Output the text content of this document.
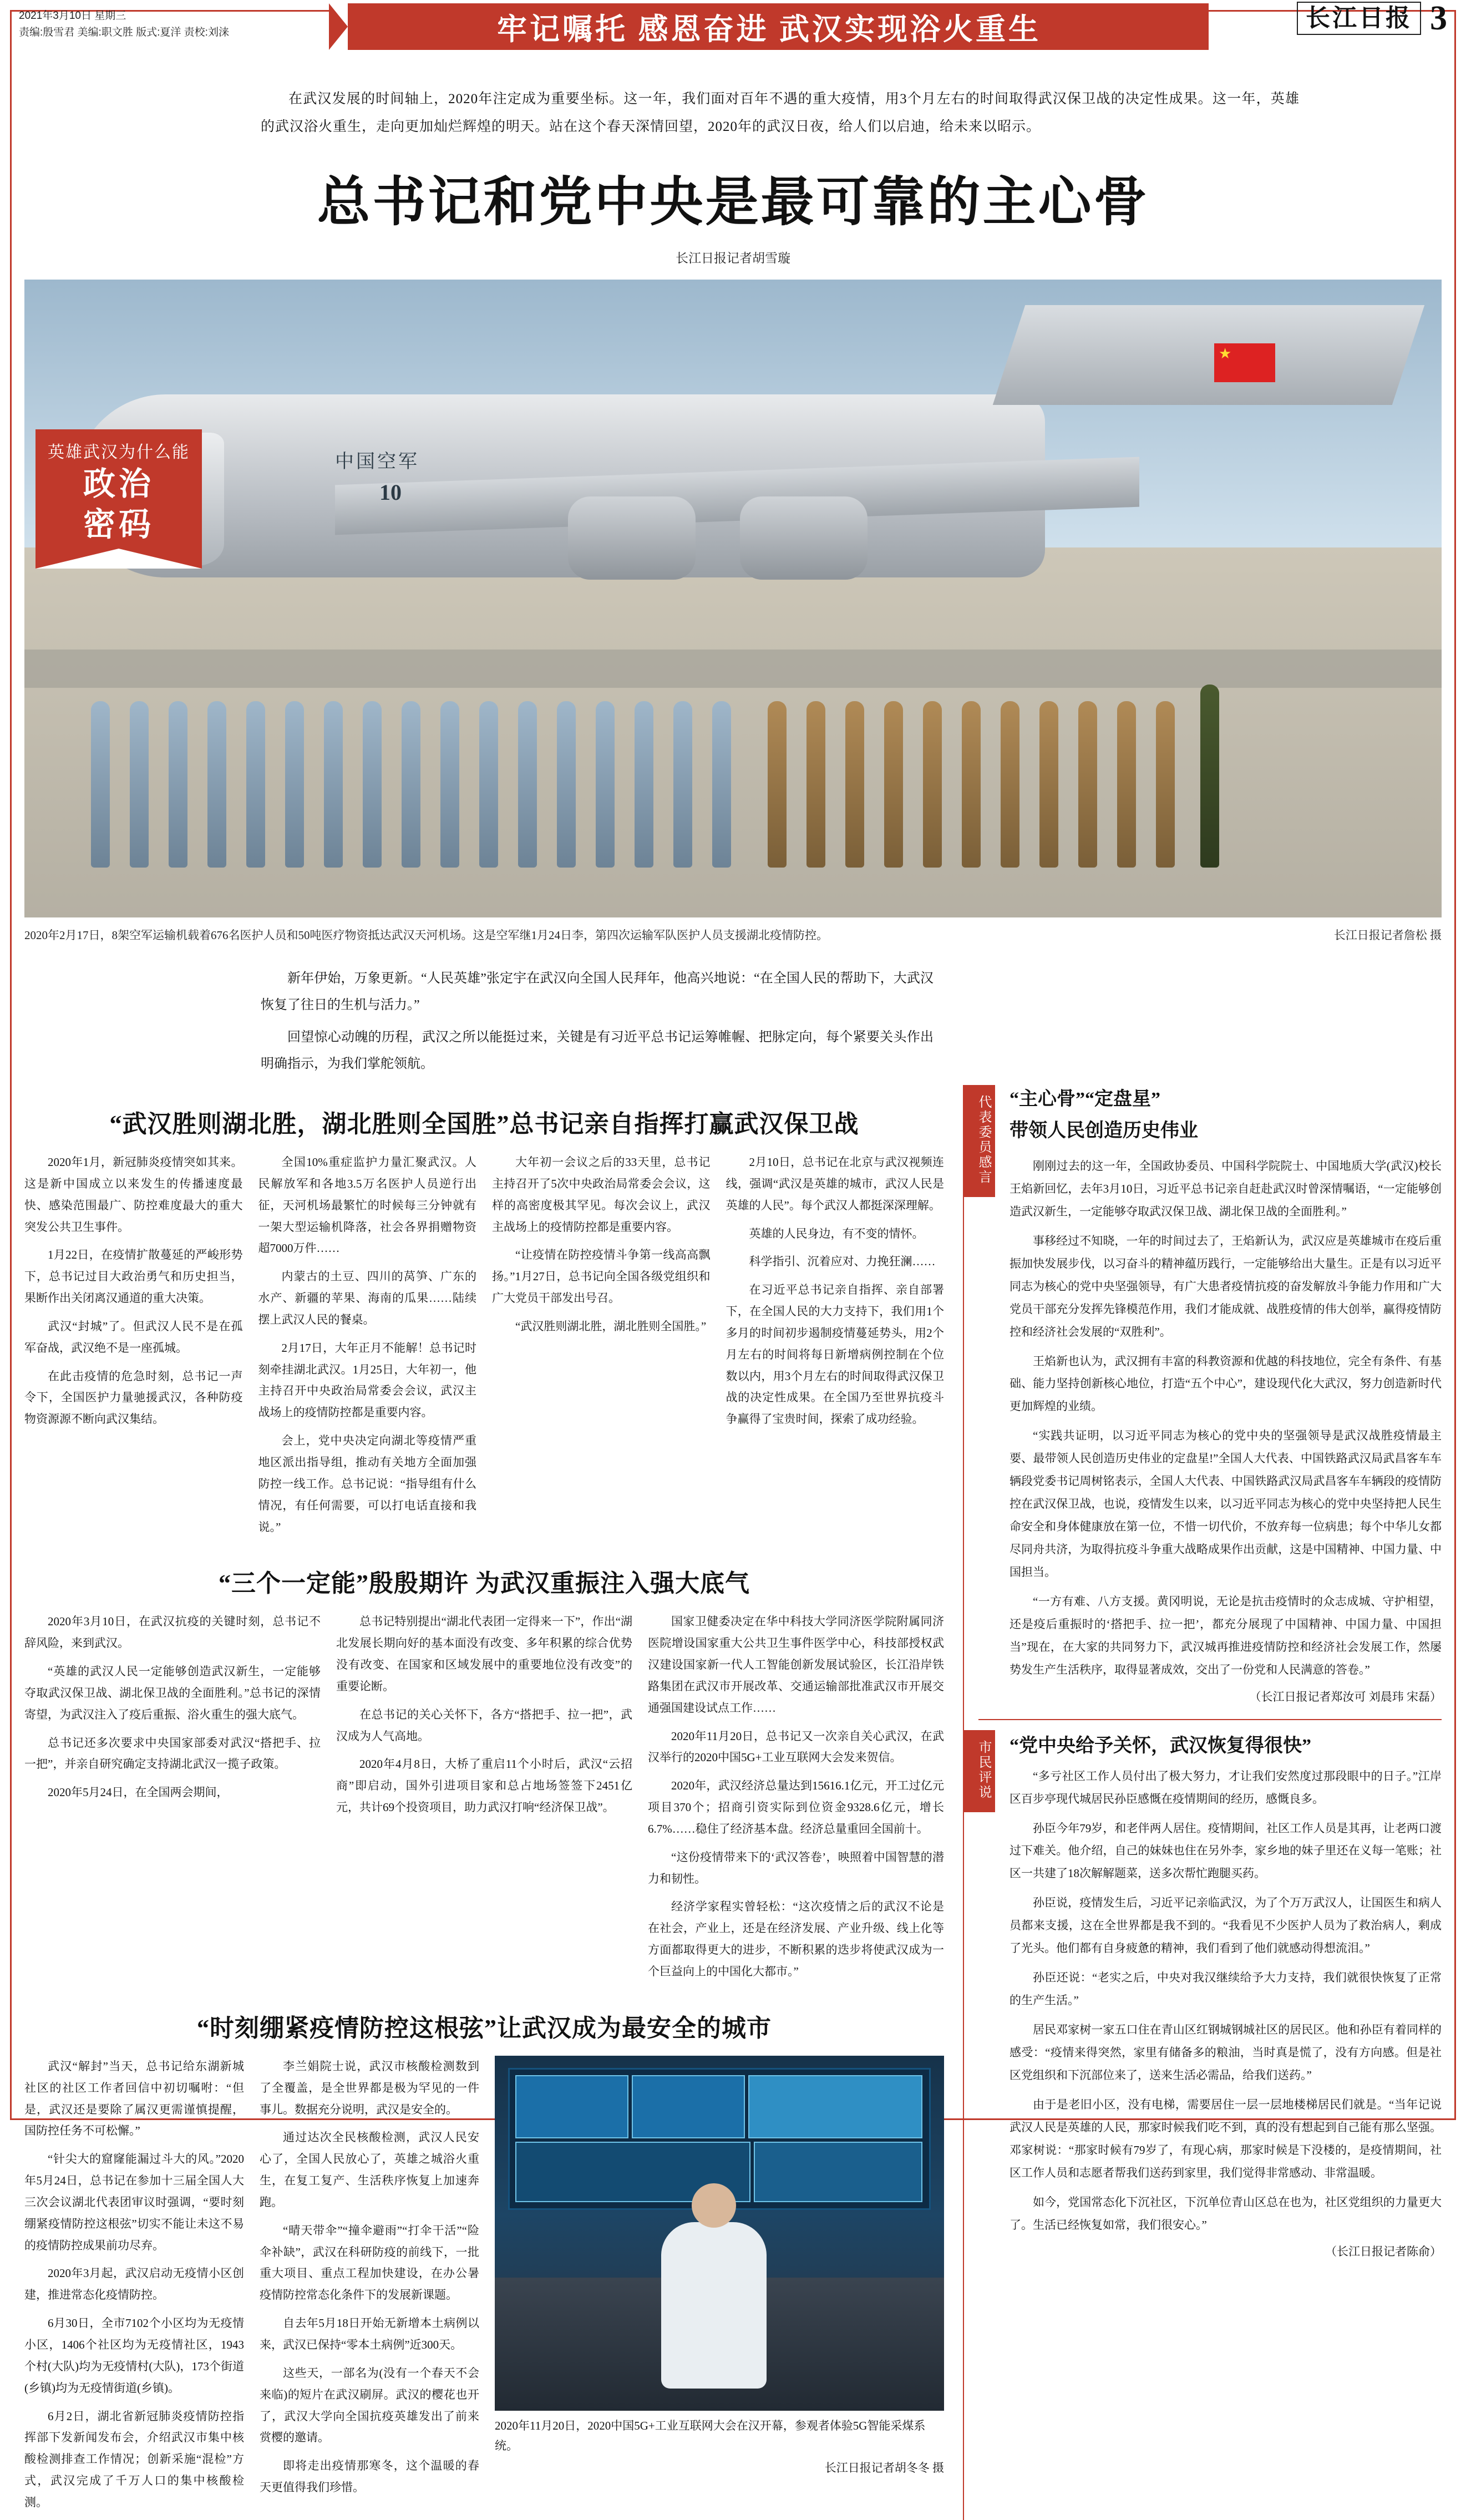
2021年3月10日 星期三
责编:殷雪君 美编:职文胜 版式:夏洋 责校:刘涞	牢记嘱托 感恩奋进 武汉实现浴火重生	长江日报 3
在武汉发展的时间轴上，2020年注定成为重要坐标。这一年，我们面对百年不遇的重大疫情，用3个月左右的时间取得武汉保卫战的决定性成果。这一年，英雄的武汉浴火重生，走向更加灿烂辉煌的明天。站在这个春天深情回望，2020年的武汉日夜，给人们以启迪，给未来以昭示。
总书记和党中央是最可靠的主心骨
长江日报记者胡雪璇
★
中国空军
10
英雄武汉为什么能
政治
密码
2020年2月17日，8架空军运输机载着676名医护人员和50吨医疗物资抵达武汉天河机场。这是空军继1月24日李，第四次运输军队医护人员支援湖北疫情防控。	长江日报记者詹松 摄

新年伊始，万象更新。“人民英雄”张定宇在武汉向全国人民拜年，他高兴地说：“在全国人民的帮助下，大武汉恢复了往日的生机与活力。”

回望惊心动魄的历程，武汉之所以能挺过来，关键是有习近平总书记运筹帷幄、把脉定向，每个紧要关头作出明确指示，为我们掌舵领航。

“武汉胜则湖北胜，湖北胜则全国胜”总书记亲自指挥打赢武汉保卫战

2020年1月，新冠肺炎疫情突如其来。这是新中国成立以来发生的传播速度最快、感染范围最广、防控难度最大的重大突发公共卫生事件。

1月22日，在疫情扩散蔓延的严峻形势下，总书记过目大政治勇气和历史担当，果断作出关闭离汉通道的重大决策。

武汉“封城”了。但武汉人民不是在孤军奋战，武汉绝不是一座孤城。

在此击疫情的危急时刻，总书记一声令下，全国医护力量驰援武汉，各种防疫物资源源不断向武汉集结。

全国10%重症监护力量汇聚武汉。人民解放军和各地3.5万名医护人员逆行出征，天河机场最繁忙的时候每三分钟就有一架大型运输机降落，社会各界捐赠物资超7000万件……

内蒙古的土豆、四川的莴笋、广东的水产、新疆的苹果、海南的瓜果……陆续摆上武汉人民的餐桌。

2月17日，大年正月不能解！总书记时刻牵挂湖北武汉。1月25日，大年初一，他主持召开中央政治局常委会会议，武汉主战场上的疫情防控都是重要内容。

会上，党中央决定向湖北等疫情严重地区派出指导组，推动有关地方全面加强防控一线工作。总书记说：“指导组有什么情况，有任何需要，可以打电话直接和我说。”

大年初一会议之后的33天里，总书记主持召开了5次中央政治局常委会会议，这样的高密度极其罕见。每次会议上，武汉主战场上的疫情防控都是重要内容。

“让疫情在防控疫情斗争第一线高高飘扬。”1月27日，总书记向全国各级党组织和广大党员干部发出号召。

“武汉胜则湖北胜，湖北胜则全国胜。”

2月10日，总书记在北京与武汉视频连线，强调“武汉是英雄的城市，武汉人民是英雄的人民”。每个武汉人都挺深深理解。

英雄的人民身边，有不变的情怀。

科学指引、沉着应对、力挽狂澜……

在习近平总书记亲自指挥、亲自部署下，在全国人民的大力支持下，我们用1个多月的时间初步遏制疫情蔓延势头，用2个月左右的时间将每日新增病例控制在个位数以内，用3个月左右的时间取得武汉保卫战的决定性成果。在全国乃至世界抗疫斗争赢得了宝贵时间，探索了成功经验。

“三个一定能”殷殷期许 为武汉重振注入强大底气

2020年3月10日，在武汉抗疫的关键时刻，总书记不辞风险，来到武汉。

“英雄的武汉人民一定能够创造武汉新生，一定能够夺取武汉保卫战、湖北保卫战的全面胜利。”总书记的深情寄望，为武汉注入了疫后重振、浴火重生的强大底气。

总书记还多次要求中央国家部委对武汉“搭把手、拉一把”，并亲自研究确定支持湖北武汉一揽子政策。

2020年5月24日，在全国两会期间，

总书记特别提出“湖北代表团一定得来一下”，作出“湖北发展长期向好的基本面没有改变、多年积累的综合优势没有改变、在国家和区域发展中的重要地位没有改变”的重要论断。

在总书记的关心关怀下，各方“搭把手、拉一把”，武汉成为人气高地。

2020年4月8日，大桥了重启11个小时后，武汉“云招商”即启动，国外引进项目家和总占地场签签下2451亿元，共计69个投资项目，助力武汉打响“经济保卫战”。

国家卫健委决定在华中科技大学同济医学院附属同济医院增设国家重大公共卫生事件医学中心，科技部授权武汉建设国家新一代人工智能创新发展试验区，长江沿岸铁路集团在武汉市开展改革、交通运输部批准武汉市开展交通强国建设试点工作……

2020年11月20日，总书记又一次亲自关心武汉，在武汉举行的2020中国5G+工业互联网大会发来贺信。

2020年，武汉经济总量达到15616.1亿元，开工过亿元项目370个；招商引资实际到位资金9328.6亿元，增长6.7%……稳住了经济基本盘。经济总量重回全国前十。

“这份疫情带来下的‘武汉答卷’，映照着中国智慧的潜力和韧性。

经济学家程实曾轻松：“这次疫情之后的武汉不论是在社会，产业上，还是在经济发展、产业升级、线上化等方面都取得更大的进步，不断积累的迭步将使武汉成为一个巨益向上的中国化大都市。”

“时刻绷紧疫情防控这根弦”让武汉成为最安全的城市

武汉“解封”当天，总书记给东湖新城社区的社区工作者回信中初切嘱咐：“但是，武汉还是要除了属汉更需谨慎提醒，国防控任务不可松懈。”

“针尖大的窟窿能漏过斗大的风。”2020年5月24日，总书记在参加十三届全国人大三次会议湖北代表团审议时强调，“要时刻绷紧疫情防控这根弦”切实不能让未这不易的疫情防控成果前功尽弃。

2020年3月起，武汉启动无疫情小区创建，推进常态化疫情防控。

6月30日，全市7102个小区均为无疫情小区，1406个社区均为无疫情社区，1943个村(大队)均为无疫情村(大队)，173个街道(乡镇)均为无疫情街道(乡镇)。

6月2日，湖北省新冠肺炎疫情防控指挥部下发新闻发布会，介绍武汉市集中核酸检测排查工作情况；创新采施“混检”方式，武汉完成了千万人口的集中核酸检测。

李兰娟院士说，武汉市核酸检测数到了全覆盖，是全世界都是极为罕见的一件事儿。数据充分说明，武汉是安全的。

通过达次全民核酸检测，武汉人民安心了，全国人民放心了，英雄之城浴火重生，在复工复产、生活秩序恢复上加速奔跑。

“晴天带伞”“撞伞避雨”“打伞干活”“险伞补缺”，武汉在科研防疫的前线下，一批重大项目、重点工程加快建设，在办公暑疫情防控常态化条件下的发展新课题。

自去年5月18日开始无新增本土病例以来，武汉已保持“零本土病例”近300天。

这些天，一部名为(没有一个春天不会来临)的短片在武汉刷屏。武汉的樱花也开了，武汉大学向全国抗疫英雄发出了前来赏樱的邀请。

即将走出疫情那寒冬，这个温暖的春天更值得我们珍惜。

2020年11月20日，2020中国5G+工业互联网大会在汉开幕，参观者体验5G智能采煤系统。
长江日报记者胡冬冬 摄
代表委员感言 “主心骨”“定盘星”
带领人民创造历史伟业

刚刚过去的这一年，全国政协委员、中国科学院院士、中国地质大学(武汉)校长王焰新回忆，去年3月10日，习近平总书记亲自赶赴武汉时曾深情嘱语，“一定能够创造武汉新生，一定能够夺取武汉保卫战、湖北保卫战的全面胜利。”

事移经过不知晓，一年的时间过去了，王焰新认为，武汉应是英雄城市在疫后重振加快发展步伐，以习奋斗的精神蕴历践行，一定能够给出大量生。正是有以习近平同志为核心的党中央坚强领导，有广大患者疫情抗疫的奋发解放斗争能力作用和广大党员干部充分发挥先锋模范作用，我们才能成就、战胜疫情的伟大创举，赢得疫情防控和经济社会发展的“双胜利”。

王焰新也认为，武汉拥有丰富的科教资源和优越的科技地位，完全有条件、有基础、能力坚持创新核心地位，打造“五个中心”，建设现代化大武汉，努力创造新时代更加辉煌的业绩。

“实践共证明，以习近平同志为核心的党中央的坚强领导是武汉战胜疫情最主要、最带领人民创造历史伟业的定盘星!”全国人大代表、中国铁路武汉局武昌客车车辆段党委书记周树铭表示，全国人大代表、中国铁路武汉局武昌客车车辆段的疫情防控在武汉保卫战，也说，疫情发生以来，以习近平同志为核心的党中央坚持把人民生命安全和身体健康放在第一位，不惜一切代价，不放弃每一位病患；每个中华儿女都尽同舟共济，为取得抗疫斗争重大战略成果作出贡献，这是中国精神、中国力量、中国担当。

“一方有难、八方支援。黄冈明说，无论是抗击疫情时的众志成城、守护相望，还是疫后重振时的‘搭把手、拉一把’，都充分展现了中国精神、中国力量、中国担当”现在，在大家的共同努力下，武汉城再推进疫情防控和经济社会发展工作，然屡势发生产生活秩序，取得显著成效，交出了一份党和人民满意的答卷。”

（长江日报记者郑汝可 刘晨玮 宋磊）
市民评说 “党中央给予关怀，武汉恢复得很快”

“多亏社区工作人员付出了极大努力，才让我们安然度过那段眼中的日子。”江岸区百步亭现代城居民孙臣感慨在疫情期间的经历，感慨良多。

孙臣今年79岁，和老伴两人居住。疫情期间，社区工作人员是其再，让老两口渡过下难关。他介绍，自己的妹妹也住在另外李，家乡地的妹子里还在义每一笔账；社区一共建了18次解解题菜，送多次帮忙跑腿买药。

孙臣说，疫情发生后，习近平记亲临武汉，为了个万万武汉人，让国医生和病人员都来支援，这在全世界都是我不到的。“我看见不少医护人员为了救治病人，剩成了光头。他们都有自身疲惫的精神，我们看到了他们就感动得想流泪。”

孙臣还说：“老实之后，中央对我汉继续给予大力支持，我们就很快恢复了正常的生产生活。”

居民邓家树一家五口住在青山区红钢城钢城社区的居民区。他和孙臣有着同样的感受：“疫情来得突然，家里有储备多的粮油，当时真是慌了，没有方向感。但是社区党组织和下沉部位来了，送来生活必需品，给我们送药。”

由于是老旧小区，没有电梯，需要居住一层一层地楼梯居民们就是。“当年记说武汉人民是英雄的人民，那家时候我们吃不到，真的没有想起到自己能有那么坚强。邓家树说：“那家时候有79岁了，有现心病，那家时候是下没楼的，是疫情期间，社区工作人员和志愿者帮我们送药到家里，我们觉得非常感动、非常温暖。

如今，党国常态化下沉社区，下沉单位青山区总在也为，社区党组织的力量更大了。生活已经恢复如常，我们很安心。”

（长江日报记者陈俞）
